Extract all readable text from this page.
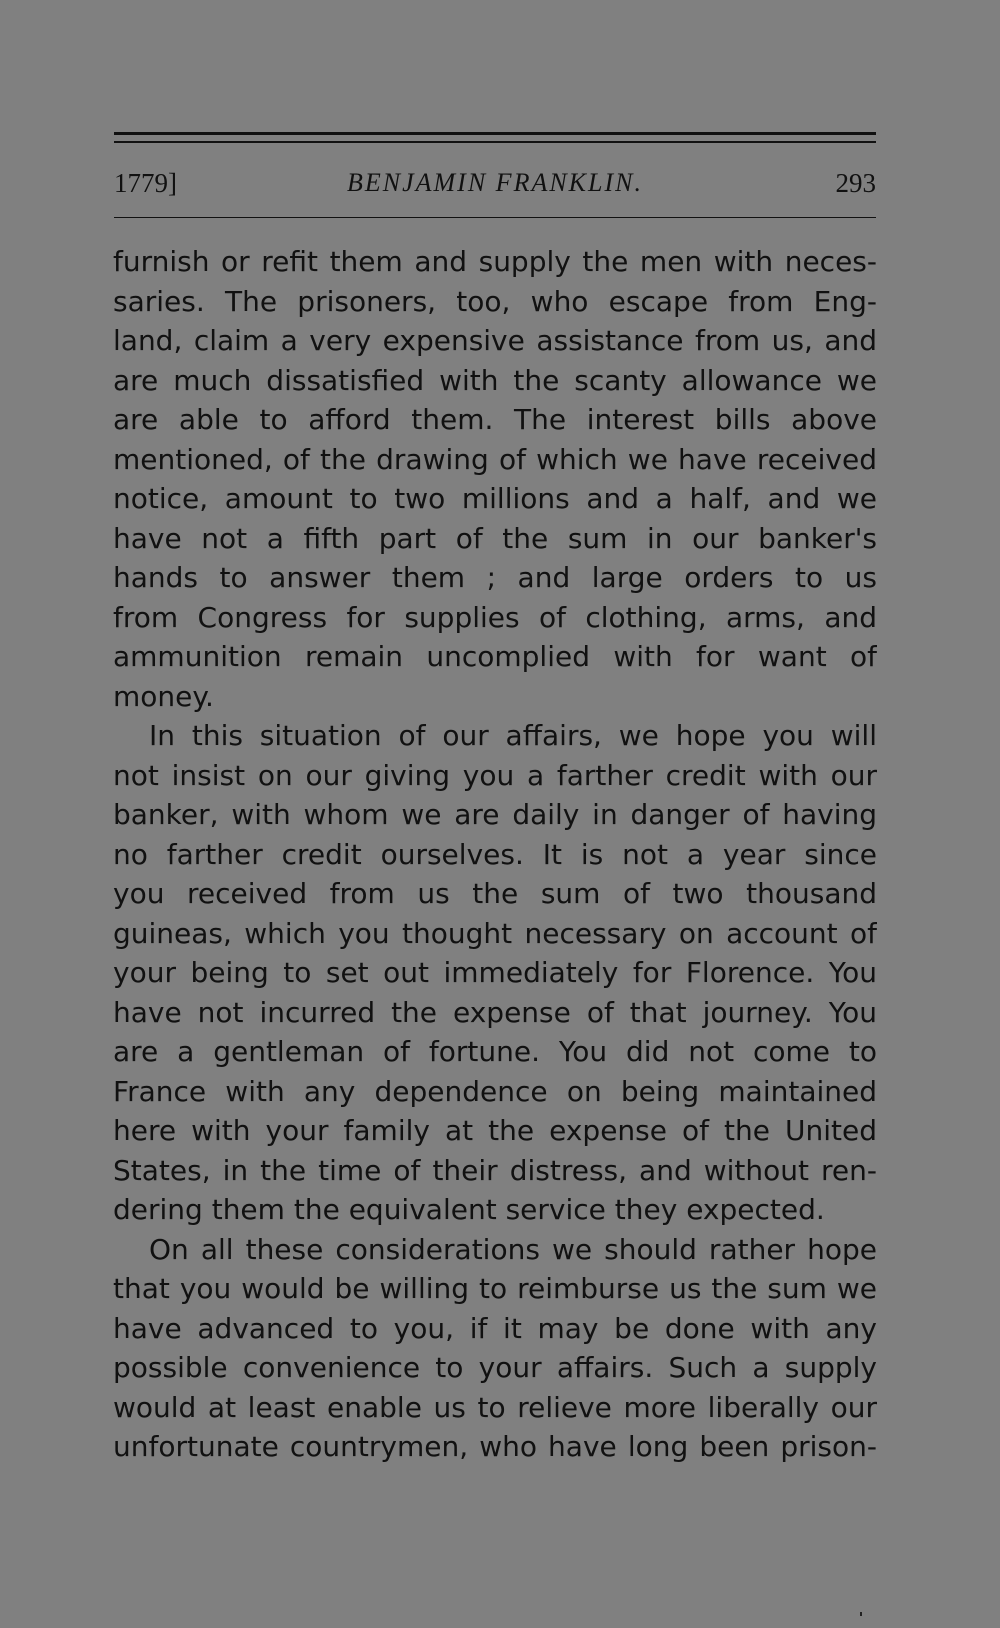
1779]	BENJAMIN FRANKLIN.	293

furnish or refit them and supply the men with neces-
saries. The prisoners, too, who escape from Eng-
land, claim a very expensive assistance from us, and
are much dissatisfied with the scanty allowance we
are able to afford them. The interest bills above
mentioned, of the drawing of which we have received
notice, amount to two millions and a half, and we
have not a fifth part of the sum in our banker's
hands to answer them ; and large orders to us
from Congress for supplies of clothing, arms, and
ammunition remain uncomplied with for want of
money.

In this situation of our affairs, we hope you will
not insist on our giving you a farther credit with our
banker, with whom we are daily in danger of having
no farther credit ourselves. It is not a year since
you received from us the sum of two thousand
guineas, which you thought necessary on account of
your being to set out immediately for Florence. You
have not incurred the expense of that journey. You
are a gentleman of fortune. You did not come to
France with any dependence on being maintained
here with your family at the expense of the United
States, in the time of their distress, and without ren-
dering them the equivalent service they expected.

On all these considerations we should rather hope
that you would be willing to reimburse us the sum we
have advanced to you, if it may be done with any
possible convenience to your affairs. Such a supply
would at least enable us to relieve more liberally our
unfortunate countrymen, who have long been prison-
